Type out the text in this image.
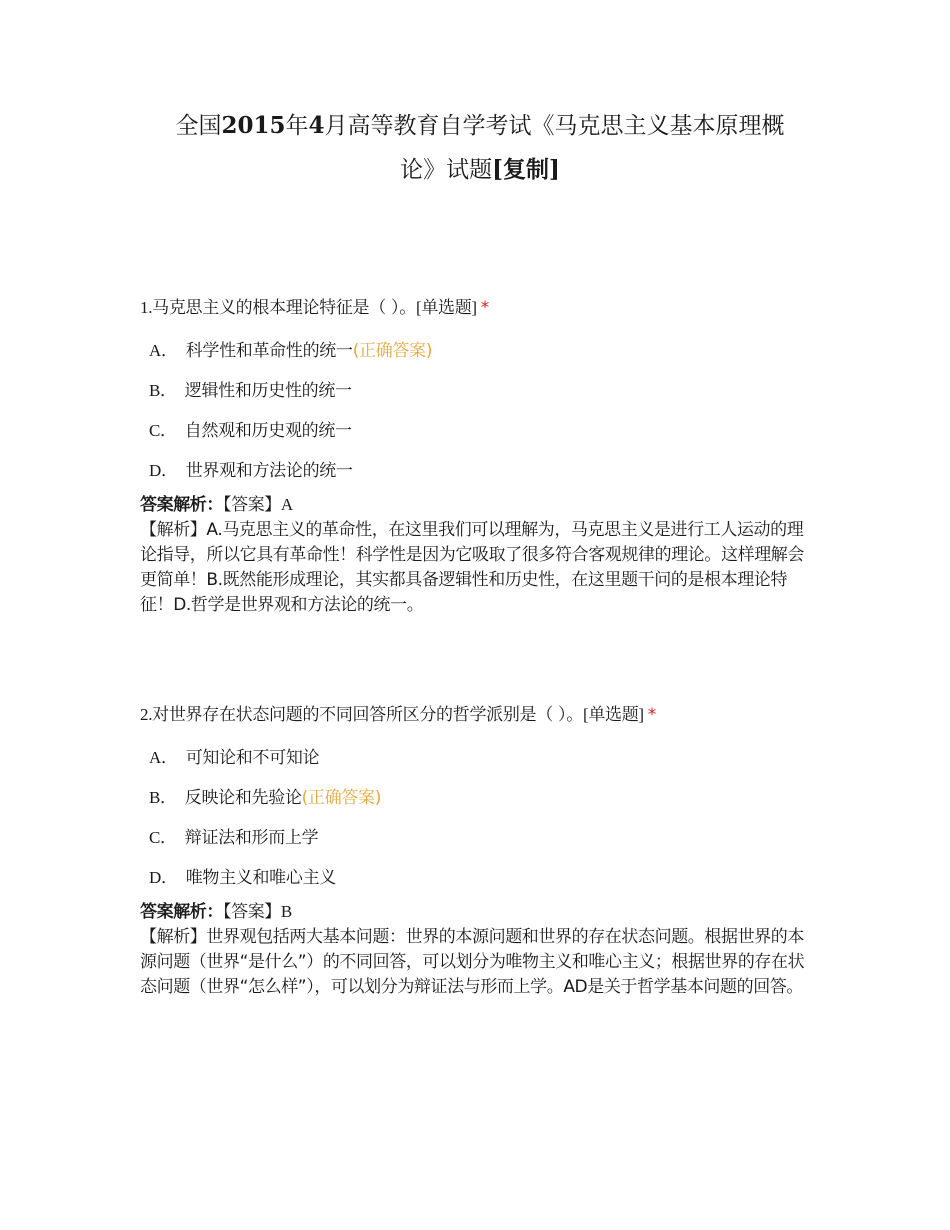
全国2015年4月高等教育自学考试《马克思主义基本原理概
论》试题[复制]
1.马克思主义的根本理论特征是（ ）。[单选题] *
A． 科学性和革命性的统一(正确答案)
B． 逻辑性和历史性的统一
C． 自然观和历史观的统一
D． 世界观和方法论的统一
答案解析：【答案】A
【解析】A.马克思主义的革命性，在这里我们可以理解为，马克思主义是进行工人运动的理论指导，所以它具有革命性！科学性是因为它吸取了很多符合客观规律的理论。这样理解会更简单！B.既然能形成理论，其实都具备逻辑性和历史性，在这里题干问的是根本理论特征！D.哲学是世界观和方法论的统一。
2.对世界存在状态问题的不同回答所区分的哲学派别是（ ）。[单选题] *
A． 可知论和不可知论
B． 反映论和先验论(正确答案)
C． 辩证法和形而上学
D． 唯物主义和唯心主义
答案解析：【答案】B
【解析】世界观包括两大基本问题：世界的本源问题和世界的存在状态问题。根据世界的本源问题（世界“是什么”）的不同回答，可以划分为唯物主义和唯心主义；根据世界的存在状态问题（世界“怎么样”），可以划分为辩证法与形而上学。AD是关于哲学基本问题的回答。
